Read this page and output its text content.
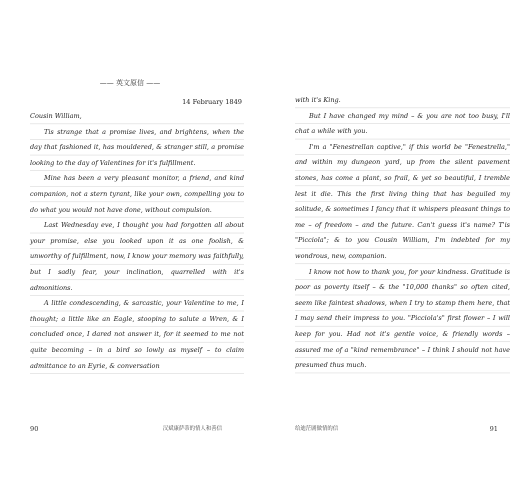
—— 英文原信 ——
14 February 1849

Cousin William,

Tis strange that a promise lives, and brightens, when the day that fashioned it, has mouldered, & stranger still, a promise looking to the day of Valentines for it's fulfillment.

Mine has been a very pleasant monitor, a friend, and kind companion, not a stern tyrant, like your own, compelling you to do what you would not have done, without compulsion.

Last Wednesday eve, I thought you had forgotten all about your promise, else you looked upon it as one foolish, & unworthy of fulfillment, now, I know your memory was faithfully, but I sadly fear, your inclination, quarrelled with it's admonitions.

A little condescending, & sarcastic, your Valentine to me, I thought; a little like an Eagle, stooping to salute a Wren, & I concluded once, I dared not answer it, for it seemed to me not quite becoming – in a bird so lowly as myself – to claim admittance to an Eyrie, & conversation

90	汉斌康萨蒂的情人和善信

with it's King.

But I have changed my mind – & you are not too busy, I'll chat a while with you.

I'm a "Fenestrellan captive," if this world be "Fenestrella," and within my dungeon yard, up from the silent pavement stones, has come a plant, so frail, & yet so beautiful, I tremble lest it die. This the first living thing that has beguiled my solitude, & sometimes I fancy that it whispers pleasant things to me – of freedom – and the future. Can't guess it's name? T'is "Picciola"; & to you Cousin William, I'm indebted for my wondrous, new, companion.

I know not how to thank you, for your kindness. Gratitude is poor as poverty itself – & the "10,000 thanks" so often cited, seem like faintest shadows, when I try to stamp them here, that I may send their impress to you. "Picciola's" first flower – I will keep for you. Had not it's gentle voice, & friendly words – assured me of a "kind remembrance" – I think I should not have presumed thus much.

给迪茫剧做情的信	91
